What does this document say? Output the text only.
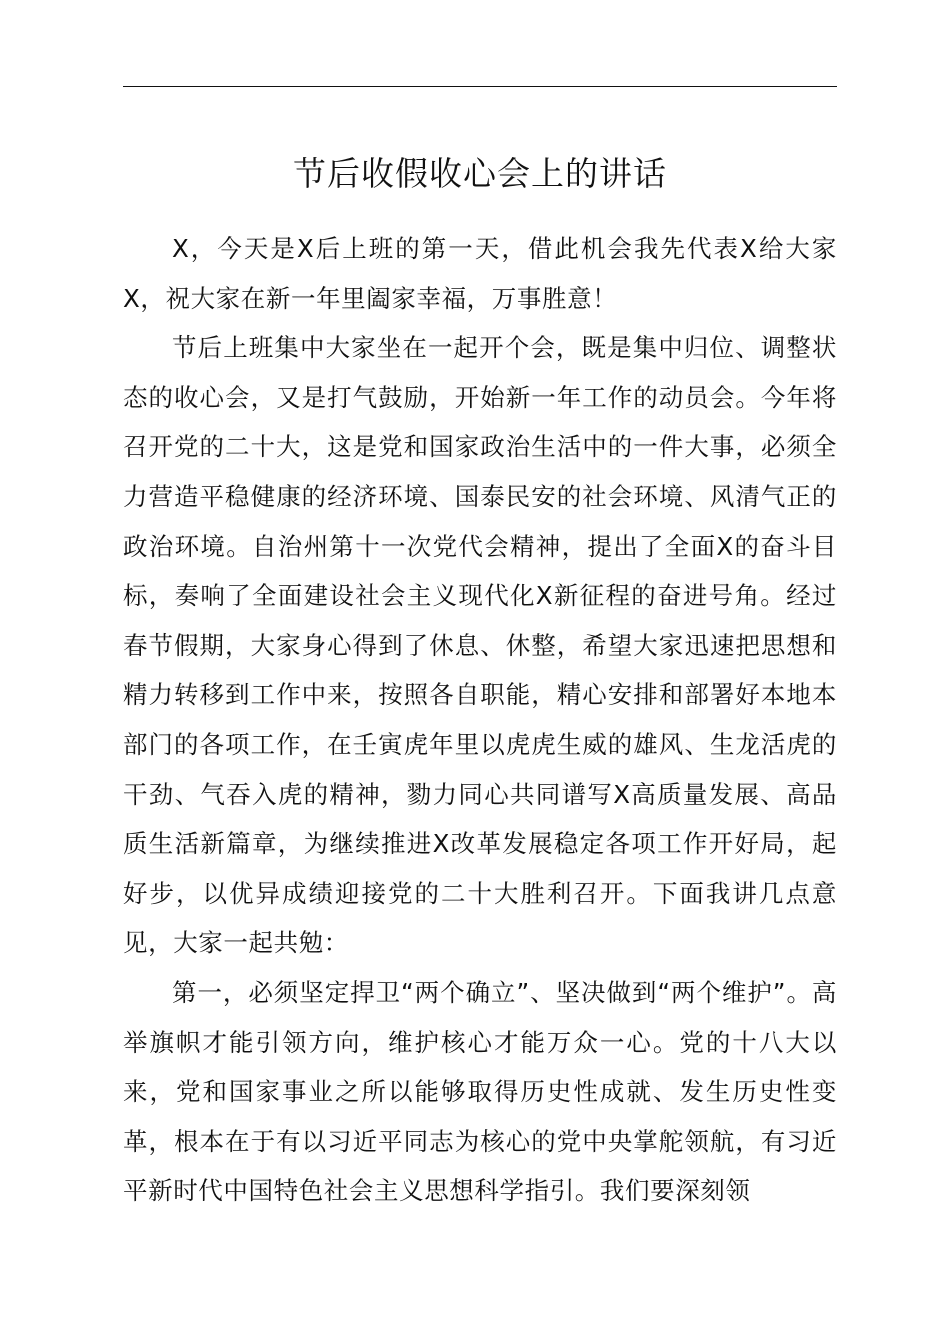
节后收假收心会上的讲话

X，今天是X后上班的第一天，借此机会我先代表X给大家X，祝大家在新一年里阖家幸福，万事胜意！

节后上班集中大家坐在一起开个会，既是集中归位、调整状态的收心会，又是打气鼓励，开始新一年工作的动员会。今年将召开党的二十大，这是党和国家政治生活中的一件大事，必须全力营造平稳健康的经济环境、国泰民安的社会环境、风清气正的政治环境。自治州第十一次党代会精神，提出了全面X的奋斗目标，奏响了全面建设社会主义现代化X新征程的奋进号角。经过春节假期，大家身心得到了休息、休整，希望大家迅速把思想和精力转移到工作中来，按照各自职能，精心安排和部署好本地本部门的各项工作，在壬寅虎年里以虎虎生威的雄风、生龙活虎的干劲、气吞入虎的精神，勠力同心共同谱写X高质量发展、高品质生活新篇章，为继续推进X改革发展稳定各项工作开好局，起好步，以优异成绩迎接党的二十大胜利召开。下面我讲几点意见，大家一起共勉：

第一，必须坚定捍卫“两个确立”、坚决做到“两个维护”。高举旗帜才能引领方向，维护核心才能万众一心。党的十八大以来，党和国家事业之所以能够取得历史性成就、发生历史性变革，根本在于有以习近平同志为核心的党中央掌舵领航，有习近平新时代中国特色社会主义思想科学指引。我们要深刻领
